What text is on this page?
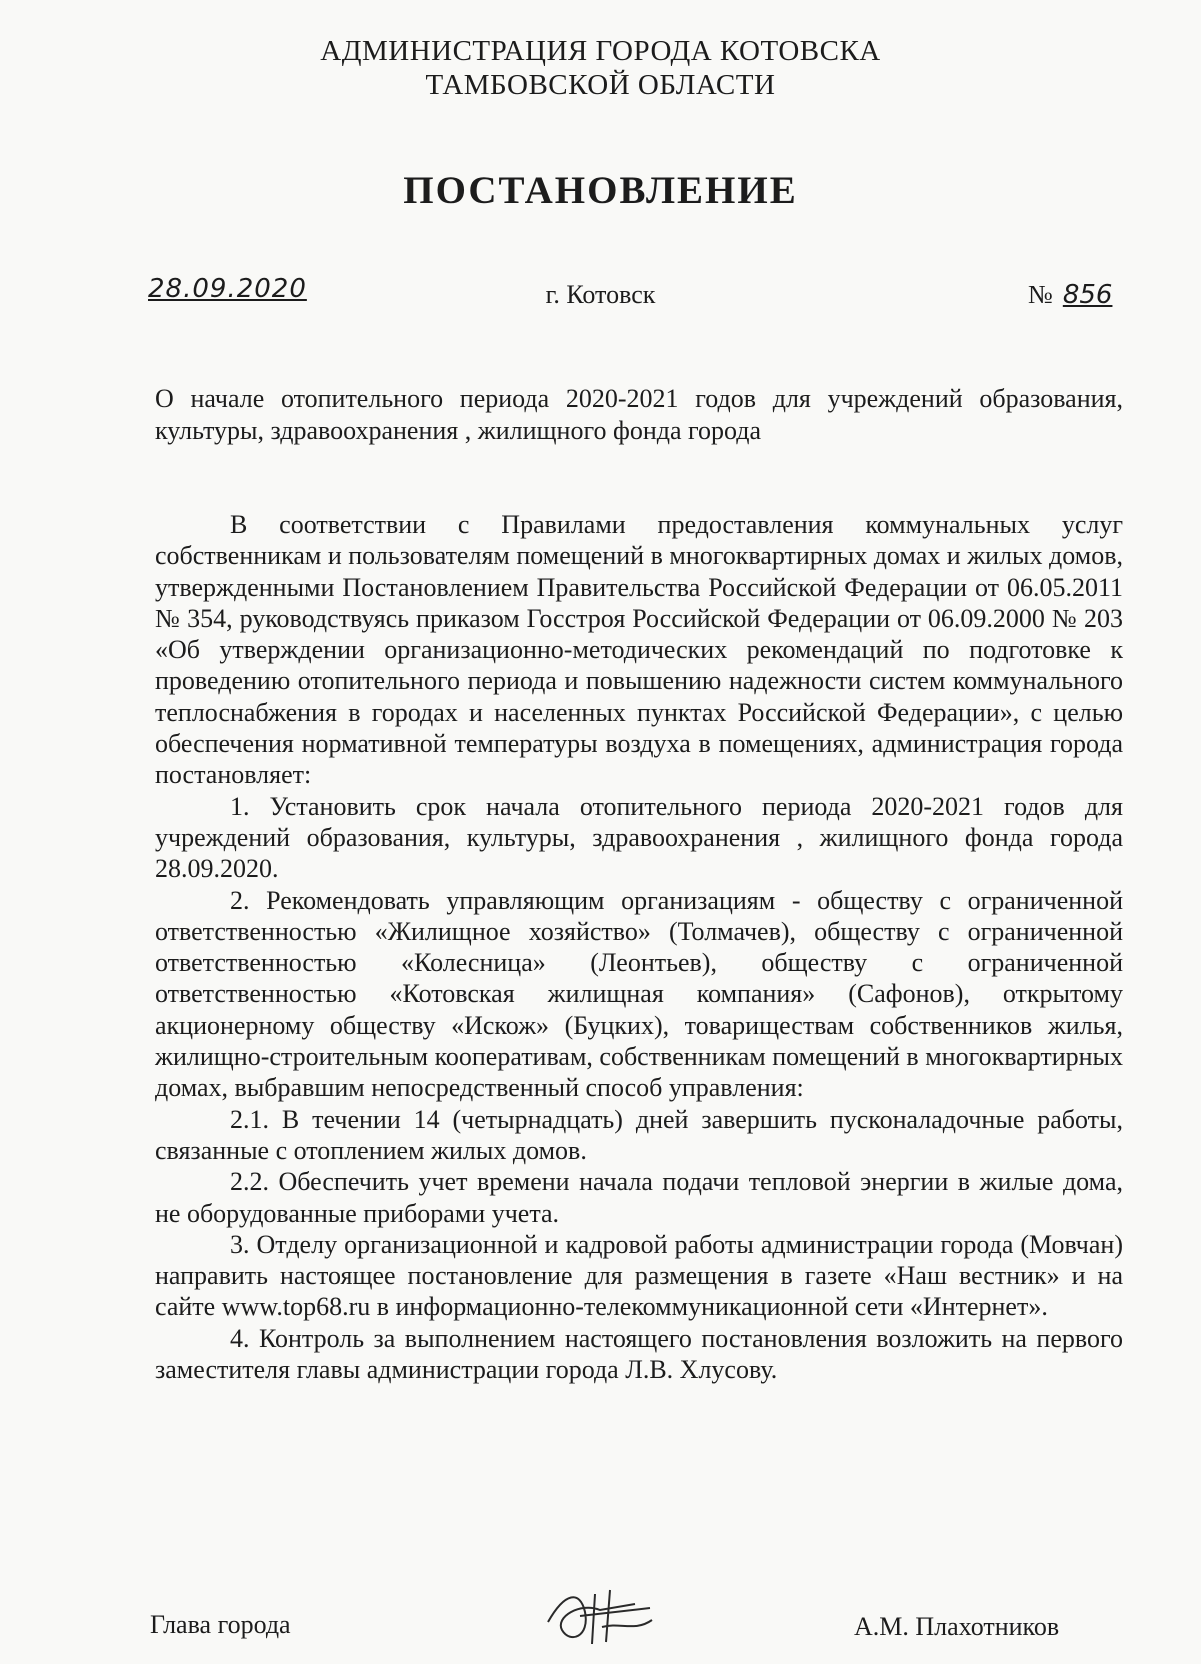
АДМИНИСТРАЦИЯ ГОРОДА КОТОВСКА
ТАМБОВСКОЙ ОБЛАСТИ
ПОСТАНОВЛЕНИЕ
28.09.2020	г. Котовск	№ 856
О начале отопительного периода 2020-2021 годов для учреждений образования, культуры, здравоохранения , жилищного фонда города

В соответствии с Правилами предоставления коммунальных услуг собственникам и пользователям помещений в многоквартирных домах и жилых домов, утвержденными Постановлением Правительства Российской Федерации от 06.05.2011 № 354, руководствуясь приказом Госстроя Российской Федерации от 06.09.2000 № 203 «Об утверждении организационно-методических рекомендаций по подготовке к проведению отопительного периода и повышению надежности систем коммунального теплоснабжения в городах и населенных пунктах Российской Федерации», с целью обеспечения нормативной температуры воздуха в помещениях, администрация города постановляет:

1. Установить срок начала отопительного периода 2020-2021 годов для учреждений образования, культуры, здравоохранения , жилищного фонда города 28.09.2020.

2. Рекомендовать управляющим организациям - обществу с ограниченной ответственностью «Жилищное хозяйство» (Толмачев), обществу с ограниченной ответственностью «Колесница» (Леонтьев), обществу с ограниченной ответственностью «Котовская жилищная компания» (Сафонов), открытому акционерному обществу «Искож» (Буцких), товариществам собственников жилья, жилищно-строительным кооперативам, собственникам помещений в многоквартирных домах, выбравшим непосредственный способ управления:

2.1. В течении 14 (четырнадцать) дней завершить пусконаладочные работы, связанные с отоплением жилых домов.

2.2. Обеспечить учет времени начала подачи тепловой энергии в жилые дома, не оборудованные приборами учета.

3. Отделу организационной и кадровой работы администрации города (Мовчан) направить настоящее постановление для размещения в газете «Наш вестник» и на сайте www.top68.ru в информационно-телекоммуникационной сети «Интернет».

4. Контроль за выполнением настоящего постановления возложить на первого заместителя главы администрации города Л.В. Хлусову.

Глава города	А.М. Плахотников
